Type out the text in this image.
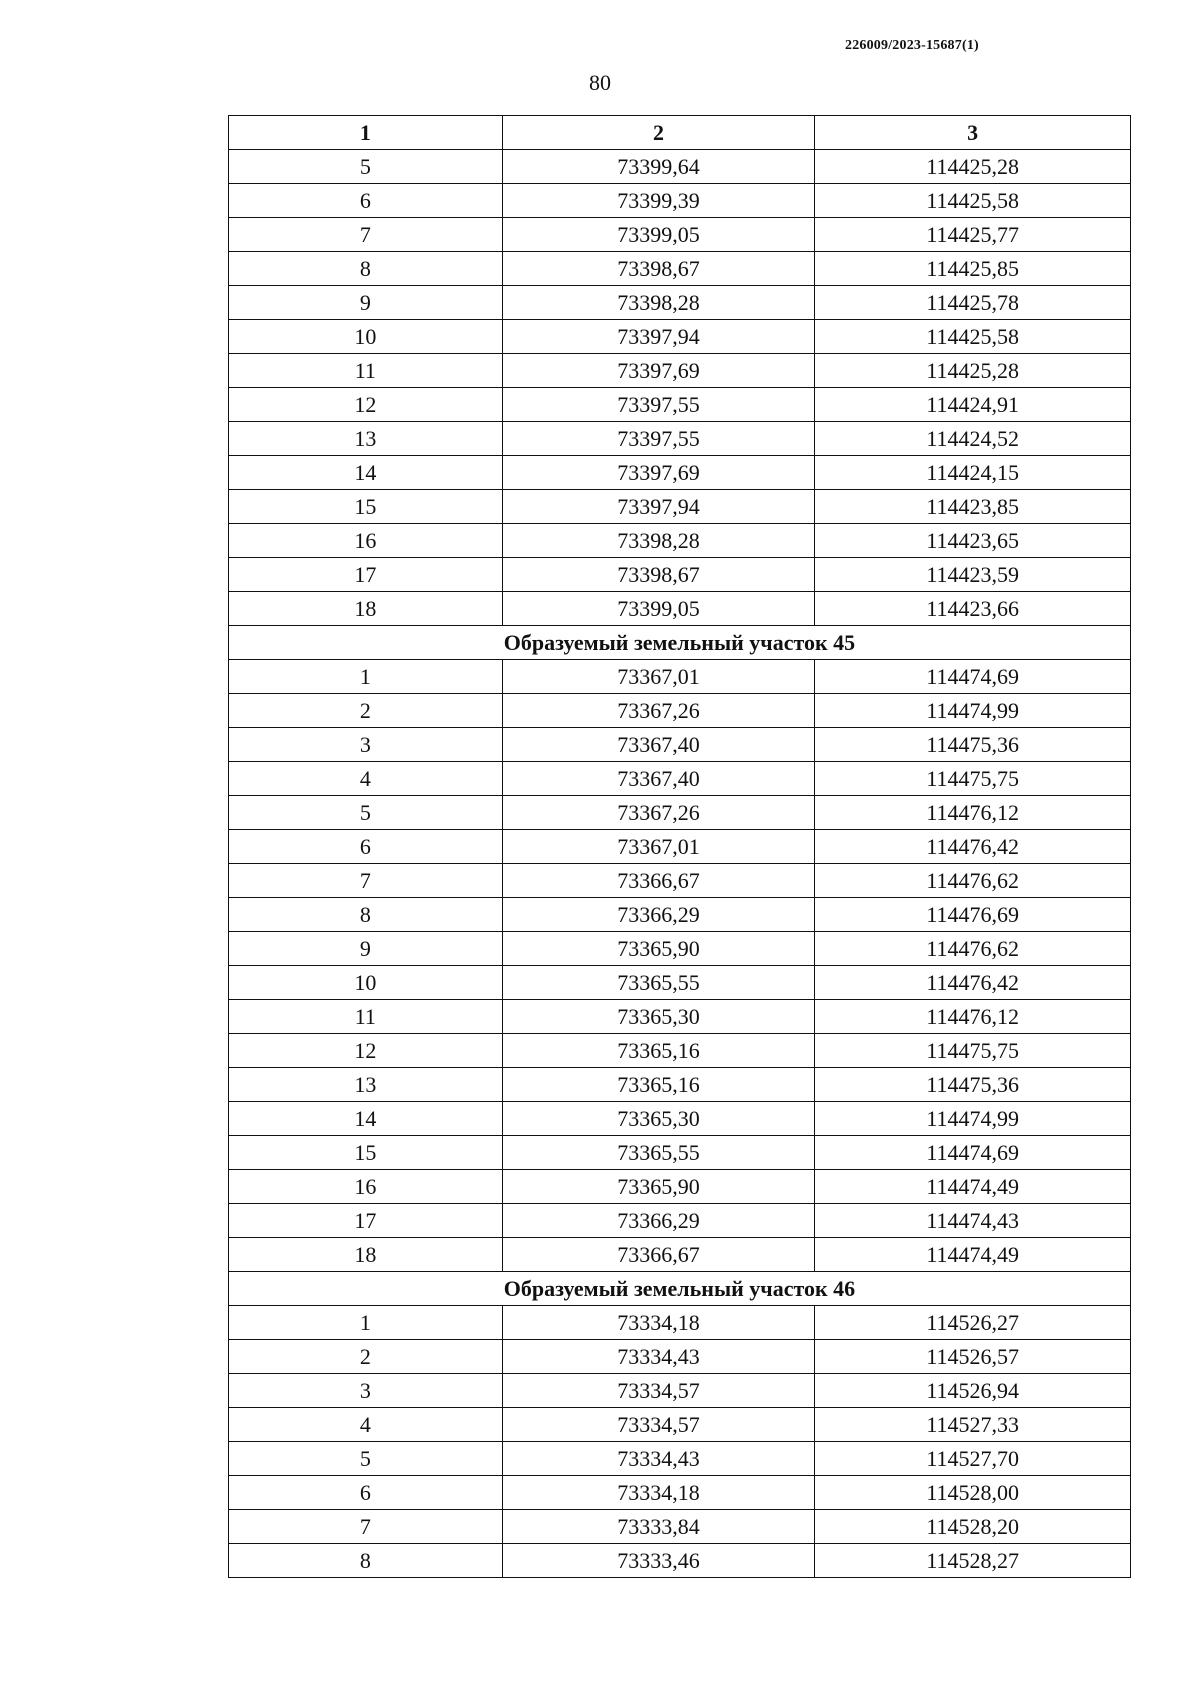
226009/2023-15687(1)
80
1	2	3
5	73399,64	114425,28
6	73399,39	114425,58
7	73399,05	114425,77
8	73398,67	114425,85
9	73398,28	114425,78
10	73397,94	114425,58
11	73397,69	114425,28
12	73397,55	114424,91
13	73397,55	114424,52
14	73397,69	114424,15
15	73397,94	114423,85
16	73398,28	114423,65
17	73398,67	114423,59
18	73399,05	114423,66
Образуемый земельный участок 45		
1	73367,01	114474,69
2	73367,26	114474,99
3	73367,40	114475,36
4	73367,40	114475,75
5	73367,26	114476,12
6	73367,01	114476,42
7	73366,67	114476,62
8	73366,29	114476,69
9	73365,90	114476,62
10	73365,55	114476,42
11	73365,30	114476,12
12	73365,16	114475,75
13	73365,16	114475,36
14	73365,30	114474,99
15	73365,55	114474,69
16	73365,90	114474,49
17	73366,29	114474,43
18	73366,67	114474,49
Образуемый земельный участок 46		
1	73334,18	114526,27
2	73334,43	114526,57
3	73334,57	114526,94
4	73334,57	114527,33
5	73334,43	114527,70
6	73334,18	114528,00
7	73333,84	114528,20
8	73333,46	114528,27
